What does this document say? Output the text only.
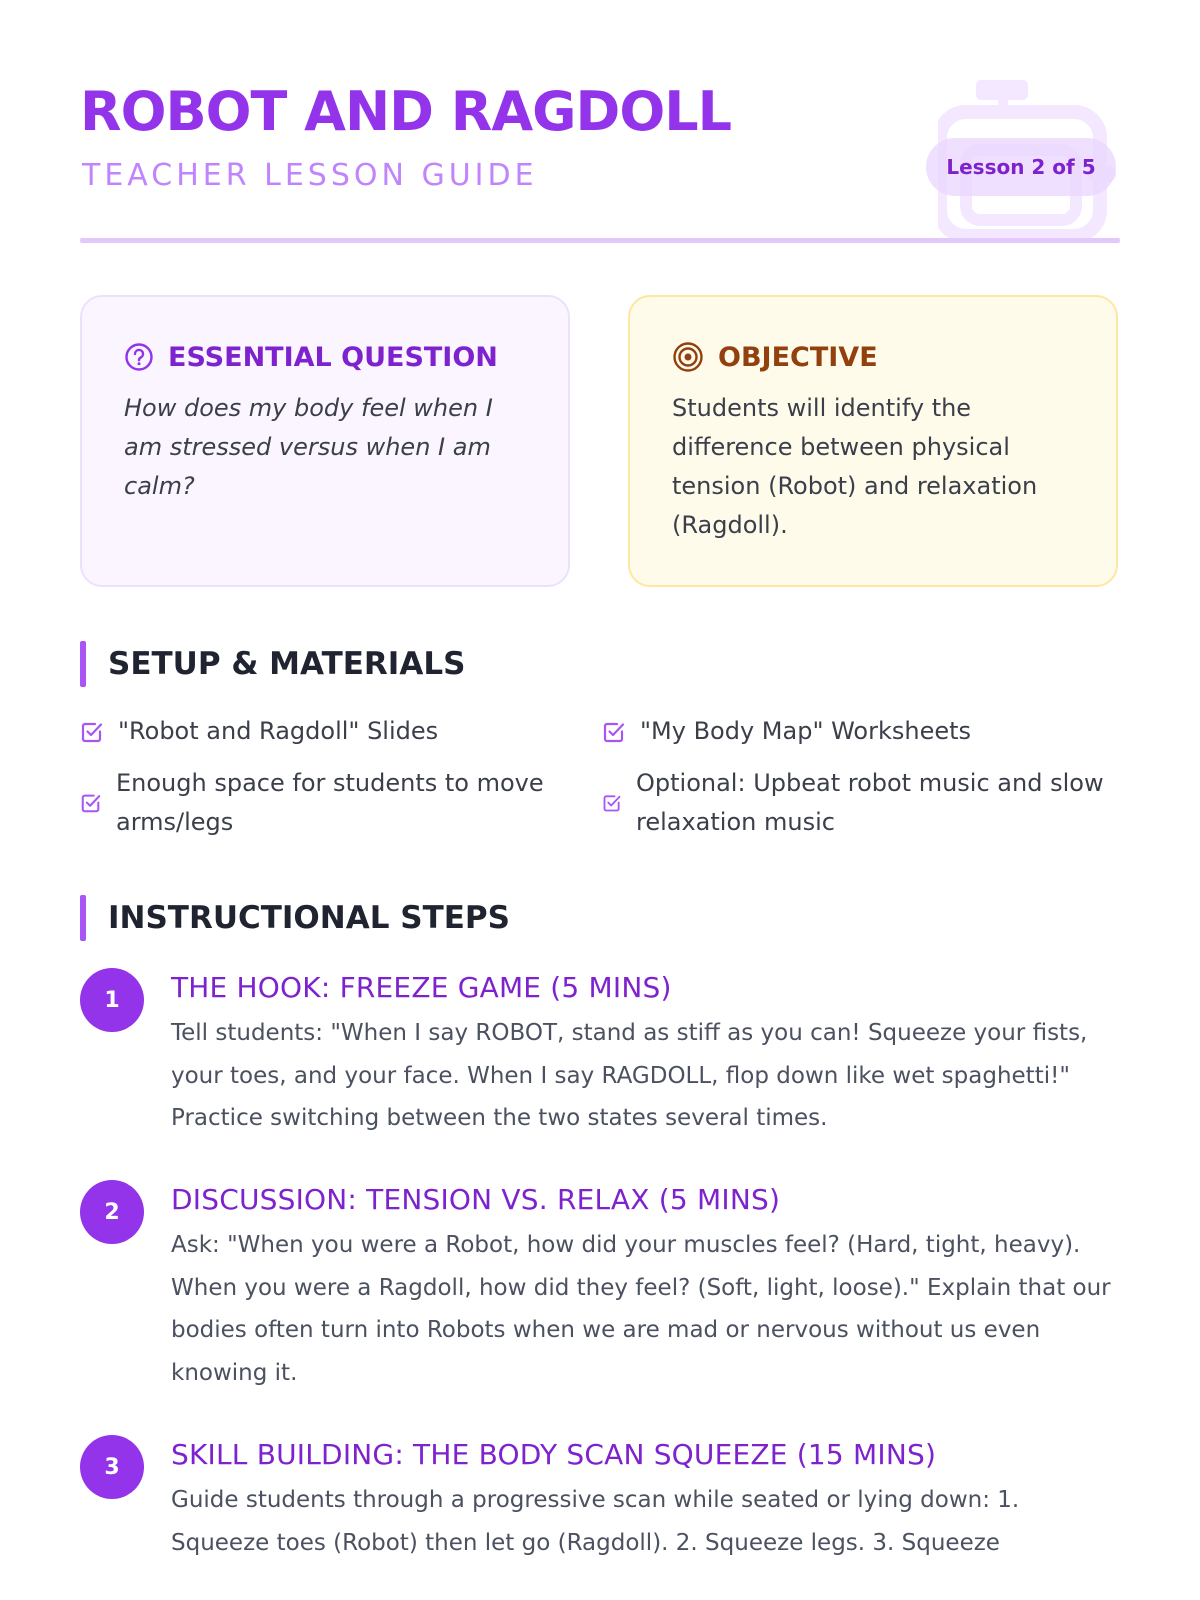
ROBOT AND RAGDOLL
TEACHER LESSON GUIDE	Lesson 2 of 5
ESSENTIAL QUESTION
How does my body feel when I am stressed versus when I am calm?
OBJECTIVE
Students will identify the difference between physical tension (Robot) and relaxation (Ragdoll).
SETUP & MATERIALS
"Robot and Ragdoll" Slides	"My Body Map" Worksheets
Enough space for students to move arms/legs
Optional: Upbeat robot music and slow relaxation music
INSTRUCTIONAL STEPS
1	THE HOOK: FREEZE GAME (5 MINS)
Tell students: "When I say ROBOT, stand as stiff as you can! Squeeze your fists, your toes, and your face. When I say RAGDOLL, flop down like wet spaghetti!" Practice switching between the two states several times.
2	DISCUSSION: TENSION VS. RELAX (5 MINS)
Ask: "When you were a Robot, how did your muscles feel? (Hard, tight, heavy). When you were a Ragdoll, how did they feel? (Soft, light, loose)." Explain that our bodies often turn into Robots when we are mad or nervous without us even knowing it.
3	SKILL BUILDING: THE BODY SCAN SQUEEZE (15 MINS)
Guide students through a progressive scan while seated or lying down: 1. Squeeze toes (Robot) then let go (Ragdoll). 2. Squeeze legs. 3. Squeeze
